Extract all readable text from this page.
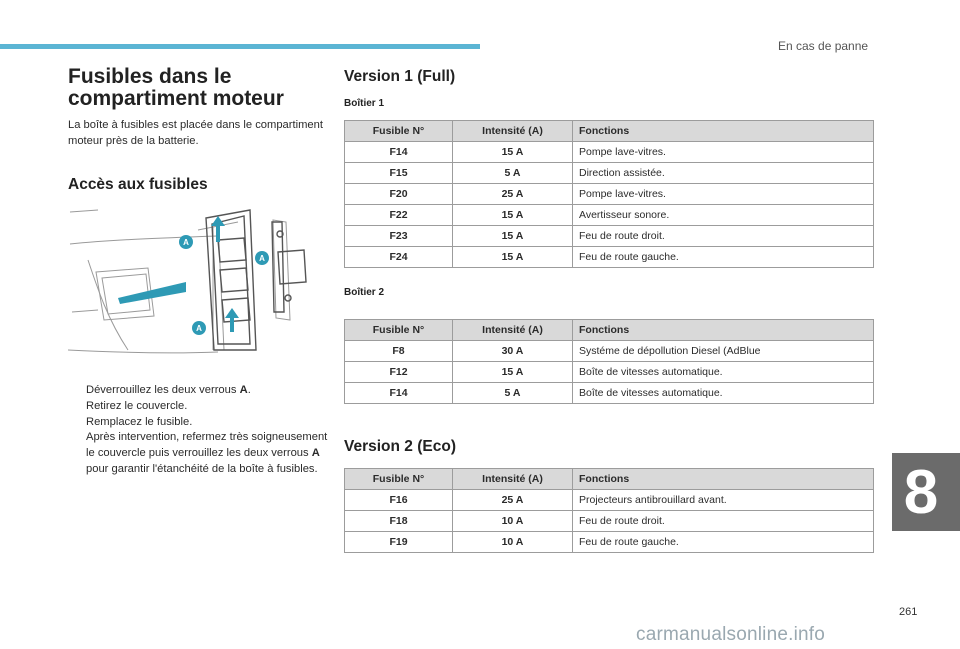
En cas de panne
Fusibles dans le compartiment moteur
La boîte à fusibles est placée dans le compartiment moteur près de la batterie.
Accès aux fusibles
A
A
A
Déverrouillez les deux verrous A.
Retirez le couvercle.
Remplacez le fusible.
Après intervention, refermez très soigneusement le couvercle puis verrouillez les deux verrous A pour garantir l'étanchéité de la boîte à fusibles.
Version 1 (Full)
Boîtier 1
Fusible N°	Intensité (A)	Fonctions
F14	15 A	Pompe lave-vitres.
F15	5 A	Direction assistée.
F20	25 A	Pompe lave-vitres.
F22	15 A	Avertisseur sonore.
F23	15 A	Feu de route droit.
F24	15 A	Feu de route gauche.
Boîtier 2
Fusible N°	Intensité (A)	Fonctions
F8	30 A	Systéme de dépollution Diesel (AdBlue
F12	15 A	Boîte de vitesses automatique.
F14	5 A	Boîte de vitesses automatique.
Version 2 (Eco)
Fusible N°	Intensité (A)	Fonctions
F16	25 A	Projecteurs antibrouillard avant.
F18	10 A	Feu de route droit.
F19	10 A	Feu de route gauche.
8
261
carmanualsonline.info
